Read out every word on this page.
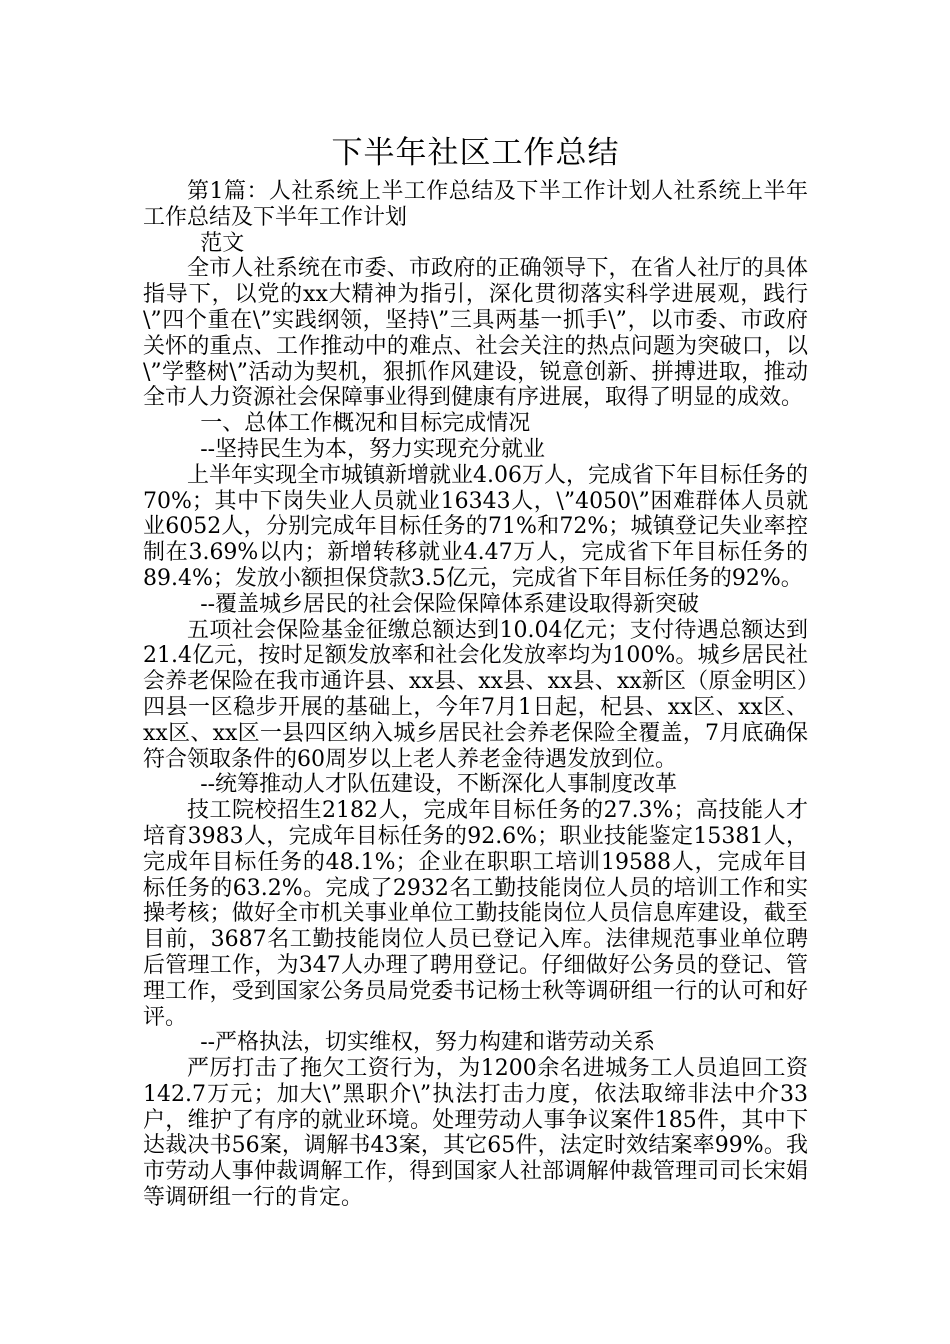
下半年社区工作总结

第1篇：人社系统上半工作总结及下半工作计划人社系统上半年工作总结及下半年工作计划

范文

全市人社系统在市委、市政府的正确领导下，在省人社厅的具体指导下，以党的xx大精神为指引，深化贯彻落实科学进展观，践行\”四个重在\”实践纲领，坚持\”三具两基一抓手\”，以市委、市政府关怀的重点、工作推动中的难点、社会关注的热点问题为突破口，以\”学整树\”活动为契机，狠抓作风建设，锐意创新、拼搏进取，推动全市人力资源社会保障事业得到健康有序进展，取得了明显的成效。

一、总体工作概况和目标完成情况

--坚持民生为本，努力实现充分就业

上半年实现全市城镇新增就业4.06万人，完成省下年目标任务的70%；其中下岗失业人员就业16343人，\”4050\”困难群体人员就业6052人，分别完成年目标任务的71%和72%；城镇登记失业率控制在3.69%以内；新增转移就业4.47万人，完成省下年目标任务的89.4%；发放小额担保贷款3.5亿元，完成省下年目标任务的92%。

--覆盖城乡居民的社会保险保障体系建设取得新突破

五项社会保险基金征缴总额达到10.04亿元；支付待遇总额达到21.4亿元，按时足额发放率和社会化发放率均为100%。城乡居民社会养老保险在我市通许县、xx县、xx县、xx县、xx新区（原金明区）四县一区稳步开展的基础上，今年7月1日起，杞县、xx区、xx区、xx区、xx区一县四区纳入城乡居民社会养老保险全覆盖，7月底确保符合领取条件的60周岁以上老人养老金待遇发放到位。

--统筹推动人才队伍建设，不断深化人事制度改革

技工院校招生2182人，完成年目标任务的27.3%；高技能人才培育3983人，完成年目标任务的92.6%；职业技能鉴定15381人，完成年目标任务的48.1%；企业在职职工培训19588人，完成年目标任务的63.2%。完成了2932名工勤技能岗位人员的培训工作和实操考核；做好全市机关事业单位工勤技能岗位人员信息库建设，截至目前，3687名工勤技能岗位人员已登记入库。法律规范事业单位聘后管理工作，为347人办理了聘用登记。仔细做好公务员的登记、管理工作，受到国家公务员局党委书记杨士秋等调研组一行的认可和好评。

--严格执法，切实维权，努力构建和谐劳动关系

严厉打击了拖欠工资行为，为1200余名进城务工人员追回工资142.7万元；加大\”黑职介\”执法打击力度，依法取缔非法中介33户，维护了有序的就业环境。处理劳动人事争议案件185件，其中下达裁决书56案，调解书43案，其它65件，法定时效结案率99%。我市劳动人事仲裁调解工作，得到国家人社部调解仲裁管理司司长宋娟等调研组一行的肯定。
